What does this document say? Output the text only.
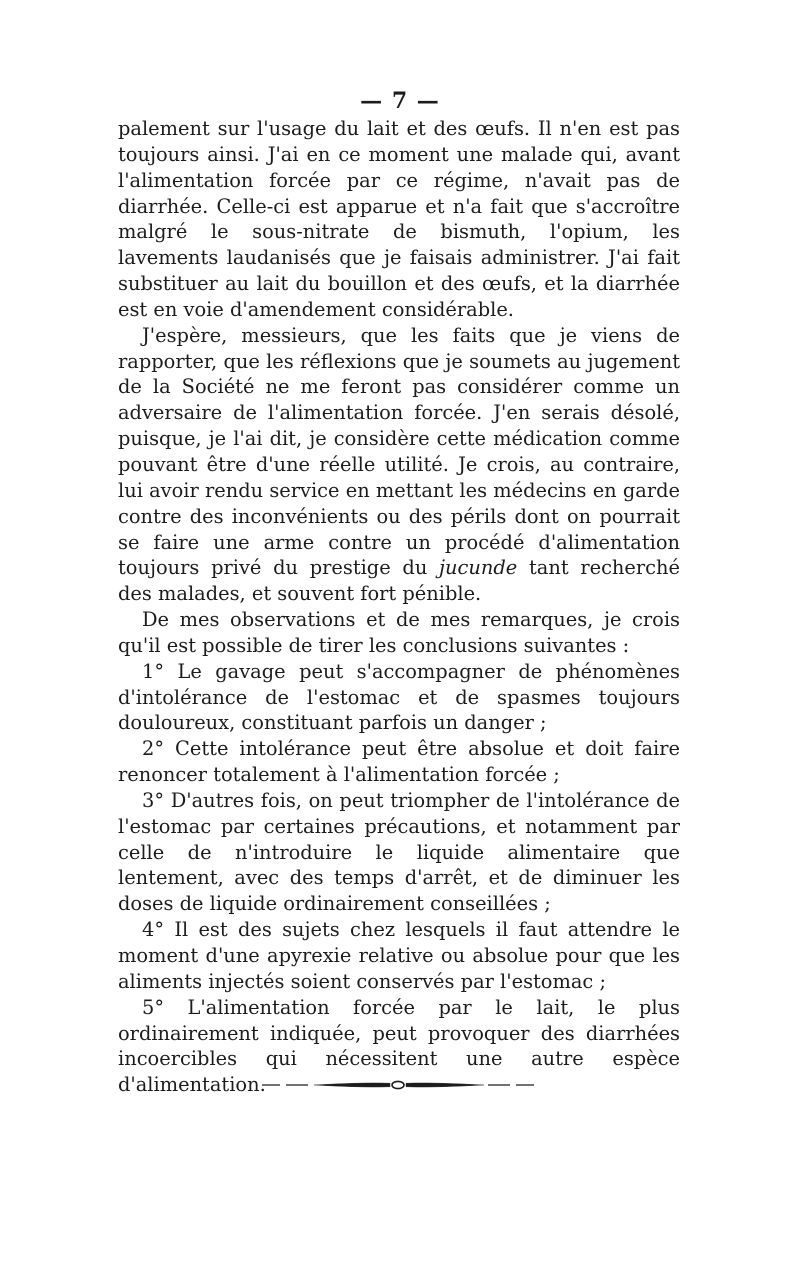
— 7 —

palement sur l'usage du lait et des œufs. Il n'en est pas toujours ainsi. J'ai en ce moment une malade qui, avant l'alimentation forcée par ce régime, n'avait pas de diarrhée. Celle-ci est apparue et n'a fait que s'accroître malgré le sous-nitrate de bismuth, l'opium, les lavements laudanisés que je faisais administrer. J'ai fait substituer au lait du bouillon et des œufs, et la diarrhée est en voie d'amendement considérable.

J'espère, messieurs, que les faits que je viens de rapporter, que les réflexions que je soumets au jugement de la Société ne me feront pas considérer comme un adversaire de l'alimentation forcée. J'en serais désolé, puisque, je l'ai dit, je considère cette médication comme pouvant être d'une réelle utilité. Je crois, au contraire, lui avoir rendu service en mettant les médecins en garde contre des inconvénients ou des périls dont on pourrait se faire une arme contre un procédé d'alimentation toujours privé du prestige du jucunde tant recherché des malades, et souvent fort pénible.

De mes observations et de mes remarques, je crois qu'il est possible de tirer les conclusions suivantes :

1° Le gavage peut s'accompagner de phénomènes d'intolérance de l'estomac et de spasmes toujours douloureux, constituant parfois un danger ;

2° Cette intolérance peut être absolue et doit faire renoncer totalement à l'alimentation forcée ;

3° D'autres fois, on peut triompher de l'intolérance de l'estomac par certaines précautions, et notamment par celle de n'introduire le liquide alimentaire que lentement, avec des temps d'arrêt, et de diminuer les doses de liquide ordinairement conseillées ;

4° Il est des sujets chez lesquels il faut attendre le moment d'une apyrexie relative ou absolue pour que les aliments injectés soient conservés par l'estomac ;

5° L'alimentation forcée par le lait, le plus ordinairement indiquée, peut provoquer des diarrhées incoercibles qui nécessitent une autre espèce d'alimentation.
